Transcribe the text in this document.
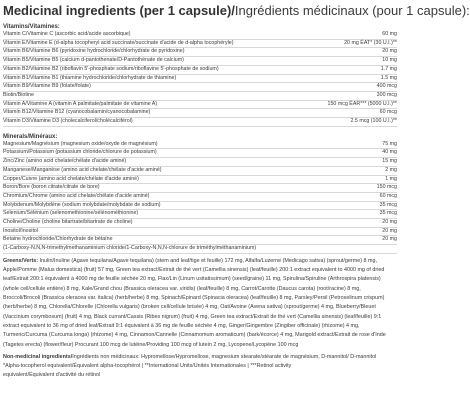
Medicinal ingredients (per 1 capsule)/Ingrédients médicinaux (pour 1 capsule):
Vitamins/Vitamines:
Vitamin C/Vitamine C (ascorbic acid/acide ascorbique)	60 mg
Vitamin E/Vitamine E (d-alpha tocopheryl acid succinate/succinate d'acide de d-alpha tocophéryle)	20 mg ÉAT* (30 U.I.)**
Vitamin B6/Vitamine B6 (pyridoxine hydrochloride/chlorhydrate de pyridoxine)	20 mg
Vitamin B5/Vitamine B5 (calcium d-pantothenate/D-Pantothénate de calcium)	10 mg
Vitamin B2/Vitamine B2 (riboflavin 5'-phosphate sodium/riboflavine 5'-phosphate de sodium)	1.7 mg
Vitamin B1/Vitamine B1 (thiamine hydrochloride/chlorhydrate de thiamine)	1.5 mg
Vitamin B9/Vitamine B9 (folate/folate)	400 mcg
Biotin/Biotine	300 mcg
Vitamin A/Vitamine A (vitamin A palmitate/palmitate de vitamine A)	150 mcg ÉAR*** (5000 U.I.)**
Vitamin B12/Vitamine B12 (cyanocobalamin/cyanocobalamine)	60 mcg
Vitamin D3/Vitamine D3 (cholecalciferol/cholécalciférol)	2.5 mcg (100 U.I.)**
Minerals/Minéraux:
Magnesium/Magnésium (magnesium oxide/oxyde de magnésium)	75 mg
Potassium/Potassium (potassium chloride/chlorure de potassium)	40 mg
Zinc/Zinc (amino acid chelate/chélate d'acide aminé)	15 mg
Manganese/Manganèse (amino acid chelate/chélate d'acide aminé)	2 mg
Copper/Cuivre (amino acid chelate/chélate d'acide aminé)	1 mg
Boron/Bore (boron citrate/citrate de bore)	150 mcg
Chromium/Chrome (amino acid chelate/chélate d'acide aminé)	60 mcg
Molybdenum/Molybdène (sodium molybdate/molybdate de sodium)	35 mcg
Selenium/Sélénium (selenomethionine/sélénométhionine)	35 mcg
Choline/Choline (choline bitartrate/bitartrate de choline)	20 mg
Inositol/Inositol	20 mg
Betaine hydrochloride/Chlorhydrate de bétaïne	20 mg
(1-Carboxy-N,N,N-trimethylmethanaminium chloride/1-Carboxy-N,N,N-chlorure de triméthylméthanaminium)
Greens/Verts: Inulin/Inuline (Agave tequilana/Agave tequilana) (stem and leaf/tige et feuille) 172 mg, Alfalfa/Luzerne (Medicago sativa) (sprout/germe) 8 mg, Apple/Pomme (Malus domestica) (fruit) 57 mg, Green tea extract/Extrait de thé vert (Camellia sinensis) (leaf/feuille) 200:1 extract equivalent to 4000 mg of dried leaf/Extrait 200:1 équivalent à 4000 mg de feuille séchée 20 mg, Flax/Lin (Linum usitatissimum) (seed/graine) 11 mg, Spirulina/Spiruline (Arthrospira platensis) (whole cell/cellule entière) 8 mg, Kale/Grand chou (Brassica oleracea var. viridis) (leaf/feuille) 8 mg, Carrot/Carotte (Daucus carota) (root/racine) 8 mg, Broccoli/Brocoli (Brassica oleracea var. italica) (herb/herbe) 8 mg, Spinach/Épinard (Spinacia oleracea) (leaf/feuille) 8 mg, Parsley/Persil (Petroselinum crispum) (herb/herbe) 8 mg, Chlorella/Chlorelle (Chlorella vulgaris) (broken cell/cellule brisée) 4 mg, Oat/Avoine (Avena sativa) (sprout/germe) 4 mg, Blueberry/Bleuet (Vaccinium corymbosum) (fruit) 4 mg, Black currant/Cassis (Ribes nigrum) (fruit) 4 mg, Green tea extract/Extrait de thé vert (Camellia sinensis) (leaf/feuille) 9:1 extract equivalent to 36 mg of dried leaf/Extrait 9:1 équivalent à 36 mg de feuille séchée 4 mg, Ginger/Gingembre (Zingiber officinale) (rhizome) 4 mg, Turmeric/Curcuma (Curcuma longa) (rhizome) 4 mg, Cinnamon/Cannelle (Cinnamomum aromaticum) (bark/écorce) 4 mg, Marigold extract/Extrait de rose d'Inde (Tagetes erecta) (flower/fleur) Procurant 100 mcg de lutéine/Providing 100 mcg of lutein 2 mg, Lycopene/Lycopène 100 mcg
Non-medicinal ingredients/Ingrédients non médicinaux: Hypromellose/Hypromellose, magnesium stearate/stéarate de magnésium, D-mannitol/ D-mannitol
*Alpha-tocopherol equivalent/Équivalent alpha-tocophérol | **International Units/Unités Internationales | ***Retinol activity
equivalent/Équivalent d'activité du rétinol
